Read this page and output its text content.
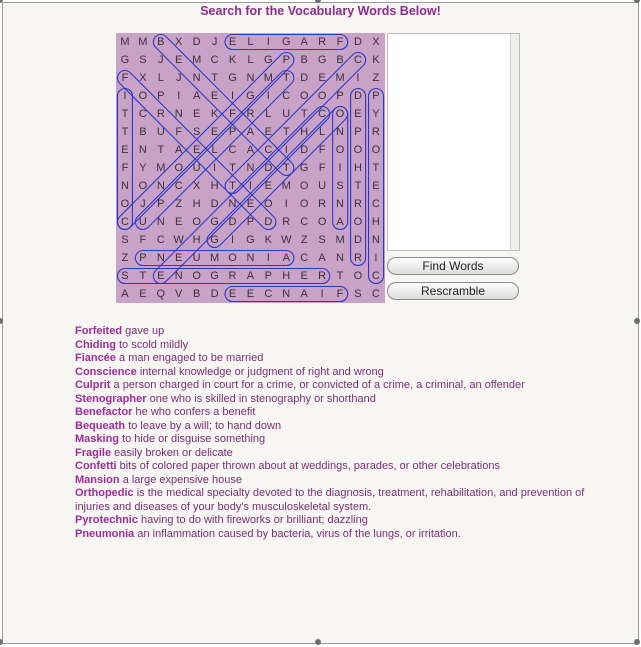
Search for the Vocabulary Words Below!
M M B X D	J	E	L	I	G A R F D X
G S	J	E M C K	L G P B G B C K
F X	L	J	N T G N M T D E M	I	Z
I	O P	I	A E	I	G	I	C O O P D P
T C R N E K F R L U T C O E Y
T B U F S E P A E T H L N P R
E N T A E	L C A C	I	D F O O O
F Y M O U	I	T N D T G F	I	H T
N O N C X H T	I	E M O U S T E
O J	P Z H D N E O	I	O R N R C
C U N E O G D P D R C O A O H
S F C W H G	I	G K W Z S M D N
Z P N E U M O N	I	A C A N R	I
S T E N O G R A P H E R T O C
A E Q V B D E E C N A	I	F S C
Find Words
Rescramble

Forfeited gave up

Chiding to scold mildly

Fiancée a man engaged to be married

Conscience internal knowledge or judgment of right and wrong

Culprit a person charged in court for a crime, or convicted of a crime, a criminal, an offender

Stenographer one who is skilled in stenography or shorthand

Benefactor he who confers a benefit

Bequeath to leave by a will; to hand down

Masking to hide or disguise something

Fragile easily broken or delicate

Confetti bits of colored paper thrown about at weddings, parades, or other celebrations

Mansion a large expensive house

Orthopedic is the medical specialty devoted to the diagnosis, treatment, rehabilitation, and prevention of injuries and diseases of your body's musculoskeletal system.

Pyrotechnic having to do with fireworks or brilliant; dazzling

Pneumonia an inflammation caused by bacteria, virus of the lungs, or irritation.
